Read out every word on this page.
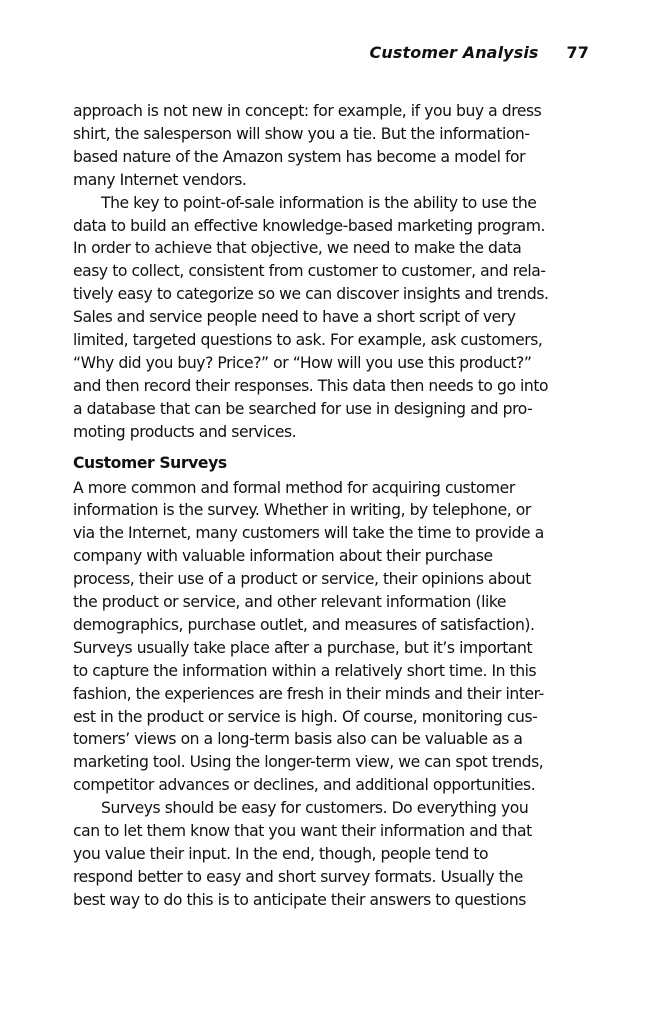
Customer Analysis 77

approach is not new in concept: for example, if you buy a dress
shirt, the salesperson will show you a tie. But the information-
based nature of the Amazon system has become a model for
many Internet vendors.

The key to point-of-sale information is the ability to use the
data to build an effective knowledge-based marketing program.
In order to achieve that objective, we need to make the data
easy to collect, consistent from customer to customer, and rela-
tively easy to categorize so we can discover insights and trends.
Sales and service people need to have a short script of very
limited, targeted questions to ask. For example, ask customers,
“Why did you buy? Price?” or “How will you use this product?”
and then record their responses. This data then needs to go into
a database that can be searched for use in designing and pro-
moting products and services.

Customer Surveys

A more common and formal method for acquiring customer
information is the survey. Whether in writing, by telephone, or
via the Internet, many customers will take the time to provide a
company with valuable information about their purchase
process, their use of a product or service, their opinions about
the product or service, and other relevant information (like
demographics, purchase outlet, and measures of satisfaction).
Surveys usually take place after a purchase, but it’s important
to capture the information within a relatively short time. In this
fashion, the experiences are fresh in their minds and their inter-
est in the product or service is high. Of course, monitoring cus-
tomers’ views on a long-term basis also can be valuable as a
marketing tool. Using the longer-term view, we can spot trends,
competitor advances or declines, and additional opportunities.

Surveys should be easy for customers. Do everything you
can to let them know that you want their information and that
you value their input. In the end, though, people tend to
respond better to easy and short survey formats. Usually the
best way to do this is to anticipate their answers to questions
